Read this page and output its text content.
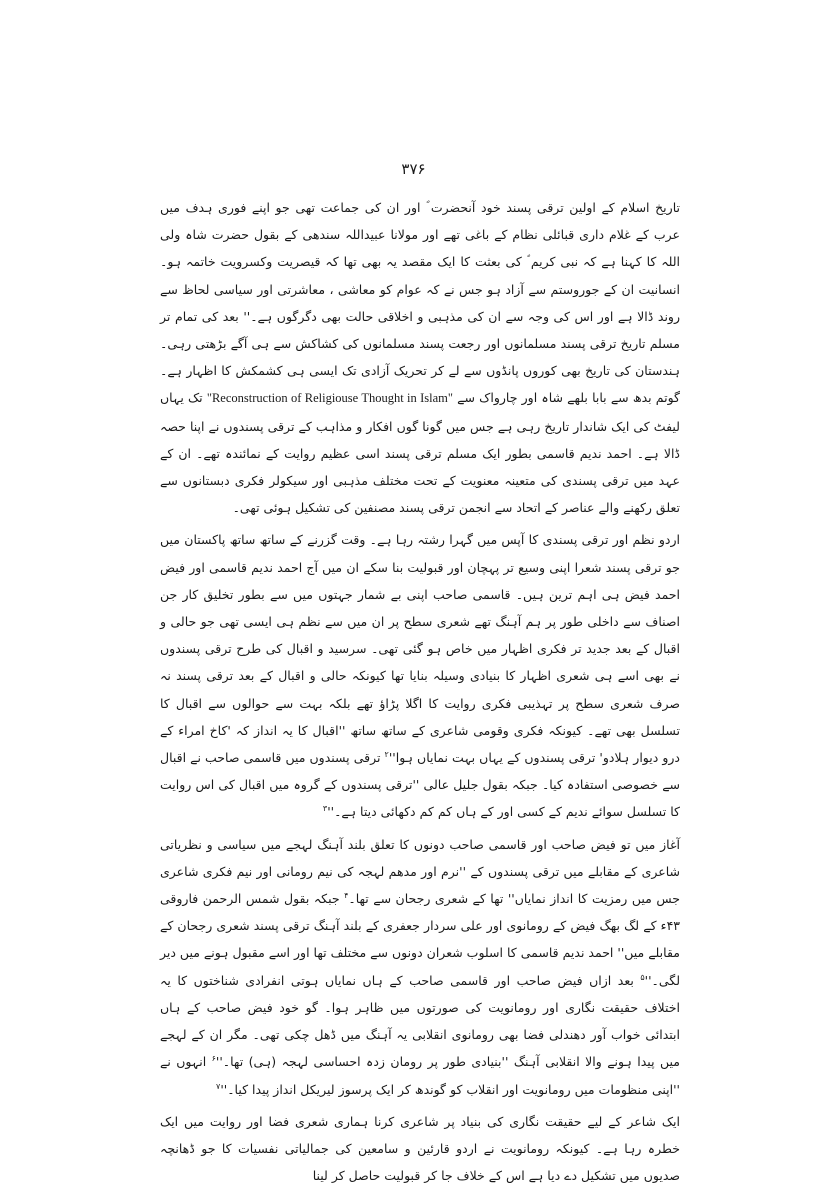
۳۷۶

تاریخ اسلام کے اولین ترقی پسند خود آنحضرت ؐ اور ان کی جماعت تھی جو اپنے فوری ہدف میں عرب کے غلام داری قبائلی نظام کے باغی تھے اور مولانا عبیداللہ سندھی کے بقول حضرت شاہ ولی اللہ کا کہنا ہے کہ نبی کریم ؐ کی بعثت کا ایک مقصد یہ بھی تھا کہ قیصریت وکسرویت خاتمہ ہو۔ انسانیت ان کے جوروستم سے آزاد ہو جس نے کہ عوام کو معاشی ، معاشرتی اور سیاسی لحاظ سے روند ڈالا ہے اور اس کی وجہ سے ان کی مذہبی و اخلاقی حالت بھی دگرگوں ہے۔'' بعد کی تمام تر مسلم تاریخ ترقی پسند مسلمانوں اور رجعت پسند مسلمانوں کی کشاکش سے ہی آگے بڑھتی رہی۔ ہندستان کی تاریخ بھی کوروں پانڈوں سے لے کر تحریک آزادی تک ایسی ہی کشمکش کا اظہار ہے۔ گوتم بدھ سے بابا بلھے شاہ اور چارواک سے "Reconstruction of Religiouse Thought in Islam" تک یہاں لیفٹ کی ایک شاندار تاریخ رہی ہے جس میں گونا گوں افکار و مذاہب کے ترقی پسندوں نے اپنا حصہ ڈالا ہے۔ احمد ندیم قاسمی بطور ایک مسلم ترقی پسند اسی عظیم روایت کے نمائندہ تھے۔ ان کے عہد میں ترقی پسندی کی متعینہ معنویت کے تحت مختلف مذہبی اور سیکولر فکری دبستانوں سے تعلق رکھنے والے عناصر کے اتحاد سے انجمن ترقی پسند مصنفین کی تشکیل ہوئی تھی۔

اردو نظم اور ترقی پسندی کا آپس میں گہرا رشتہ رہا ہے۔ وقت گزرنے کے ساتھ ساتھ پاکستان میں جو ترقی پسند شعرا اپنی وسیع تر پہچان اور قبولیت بنا سکے ان میں آج احمد ندیم قاسمی اور فیض احمد فیض ہی اہم ترین ہیں۔ قاسمی صاحب اپنی بے شمار جہتوں میں سے بطور تخلیق کار جن اصناف سے داخلی طور پر ہم آہنگ تھے شعری سطح پر ان میں سے نظم ہی ایسی تھی جو حالی و اقبال کے بعد جدید تر فکری اظہار میں خاص ہو گئی تھی۔ سرسید و اقبال کی طرح ترقی پسندوں نے بھی اسے ہی شعری اظہار کا بنیادی وسیلہ بنایا تھا کیونکہ حالی و اقبال کے بعد ترقی پسند نہ صرف شعری سطح پر تہذیبی فکری روایت کا اگلا پڑاؤ تھے بلکہ بہت سے حوالوں سے اقبال کا تسلسل بھی تھے۔ کیونکہ فکری وقومی شاعری کے ساتھ ساتھ ''اقبال کا یہ انداز کہ 'کاخ امراء کے درو دیوار ہلادو' ترقی پسندوں کے یہاں بہت نمایاں $ہوا''^۲$ ترقی پسندوں میں قاسمی صاحب نے اقبال سے خصوصی استفادہ کیا۔ جبکہ بقول جلیل عالی ''ترقی پسندوں کے گروہ میں اقبال کی اس روایت کا تسلسل سوائے ندیم کے کسی اور کے ہاں کم کم دکھائی دیتا $ہے۔''^۳$

آغاز میں تو فیض صاحب اور قاسمی صاحب دونوں کا تعلق بلند آہنگ لہجے میں سیاسی و نظریاتی شاعری کے مقابلے میں ترقی پسندوں کے ''نرم اور مدھم لہجہ کی نیم رومانی اور نیم فکری شاعری جس میں رمزیت کا انداز نمایاں'' تھا کے شعری رجحان سے تھا۔$^۴$ جبکہ بقول شمس الرحمن فاروقی ۴۳ء کے لگ بھگ فیض کے رومانوی اور علی سردار جعفری کے بلند آہنگ ترقی پسند شعری رجحان کے مقابلے میں'' احمد ندیم قاسمی کا اسلوب شعران دونوں سے مختلف تھا اور اسے مقبول ہونے میں دیر $لگی۔''^۵$ بعد ازاں فیض صاحب اور قاسمی صاحب کے ہاں نمایاں ہوتی انفرادی شناختوں کا یہ اختلاف حقیقت نگاری اور رومانویت کی صورتوں میں ظاہر ہوا۔ گو خود فیض صاحب کے ہاں ابتدائی خواب آور دھندلی فضا بھی رومانوی انقلابی یہ آہنگ میں ڈھل چکی تھی۔ مگر ان کے لہجے میں پیدا ہونے والا انقلابی آہنگ ''بنیادی طور پر رومان زدہ احساسی لہجہ (ہی) $تھا۔''^۶$ انہوں نے ''اپنی منظومات میں رومانویت اور انقلاب کو گوندھ کر ایک پرسوز لیریکل انداز پیدا $کیا۔''^۷$

ایک شاعر کے لیے حقیقت نگاری کی بنیاد پر شاعری کرنا ہماری شعری فضا اور روایت میں ایک خطرہ رہا ہے۔ کیونکہ رومانویت نے اردو قارئین و سامعین کی جمالیاتی نفسیات کا جو ڈھانچہ صدیوں میں تشکیل دے دیا ہے اس کے خلاف جا کر قبولیت حاصل کر لینا
